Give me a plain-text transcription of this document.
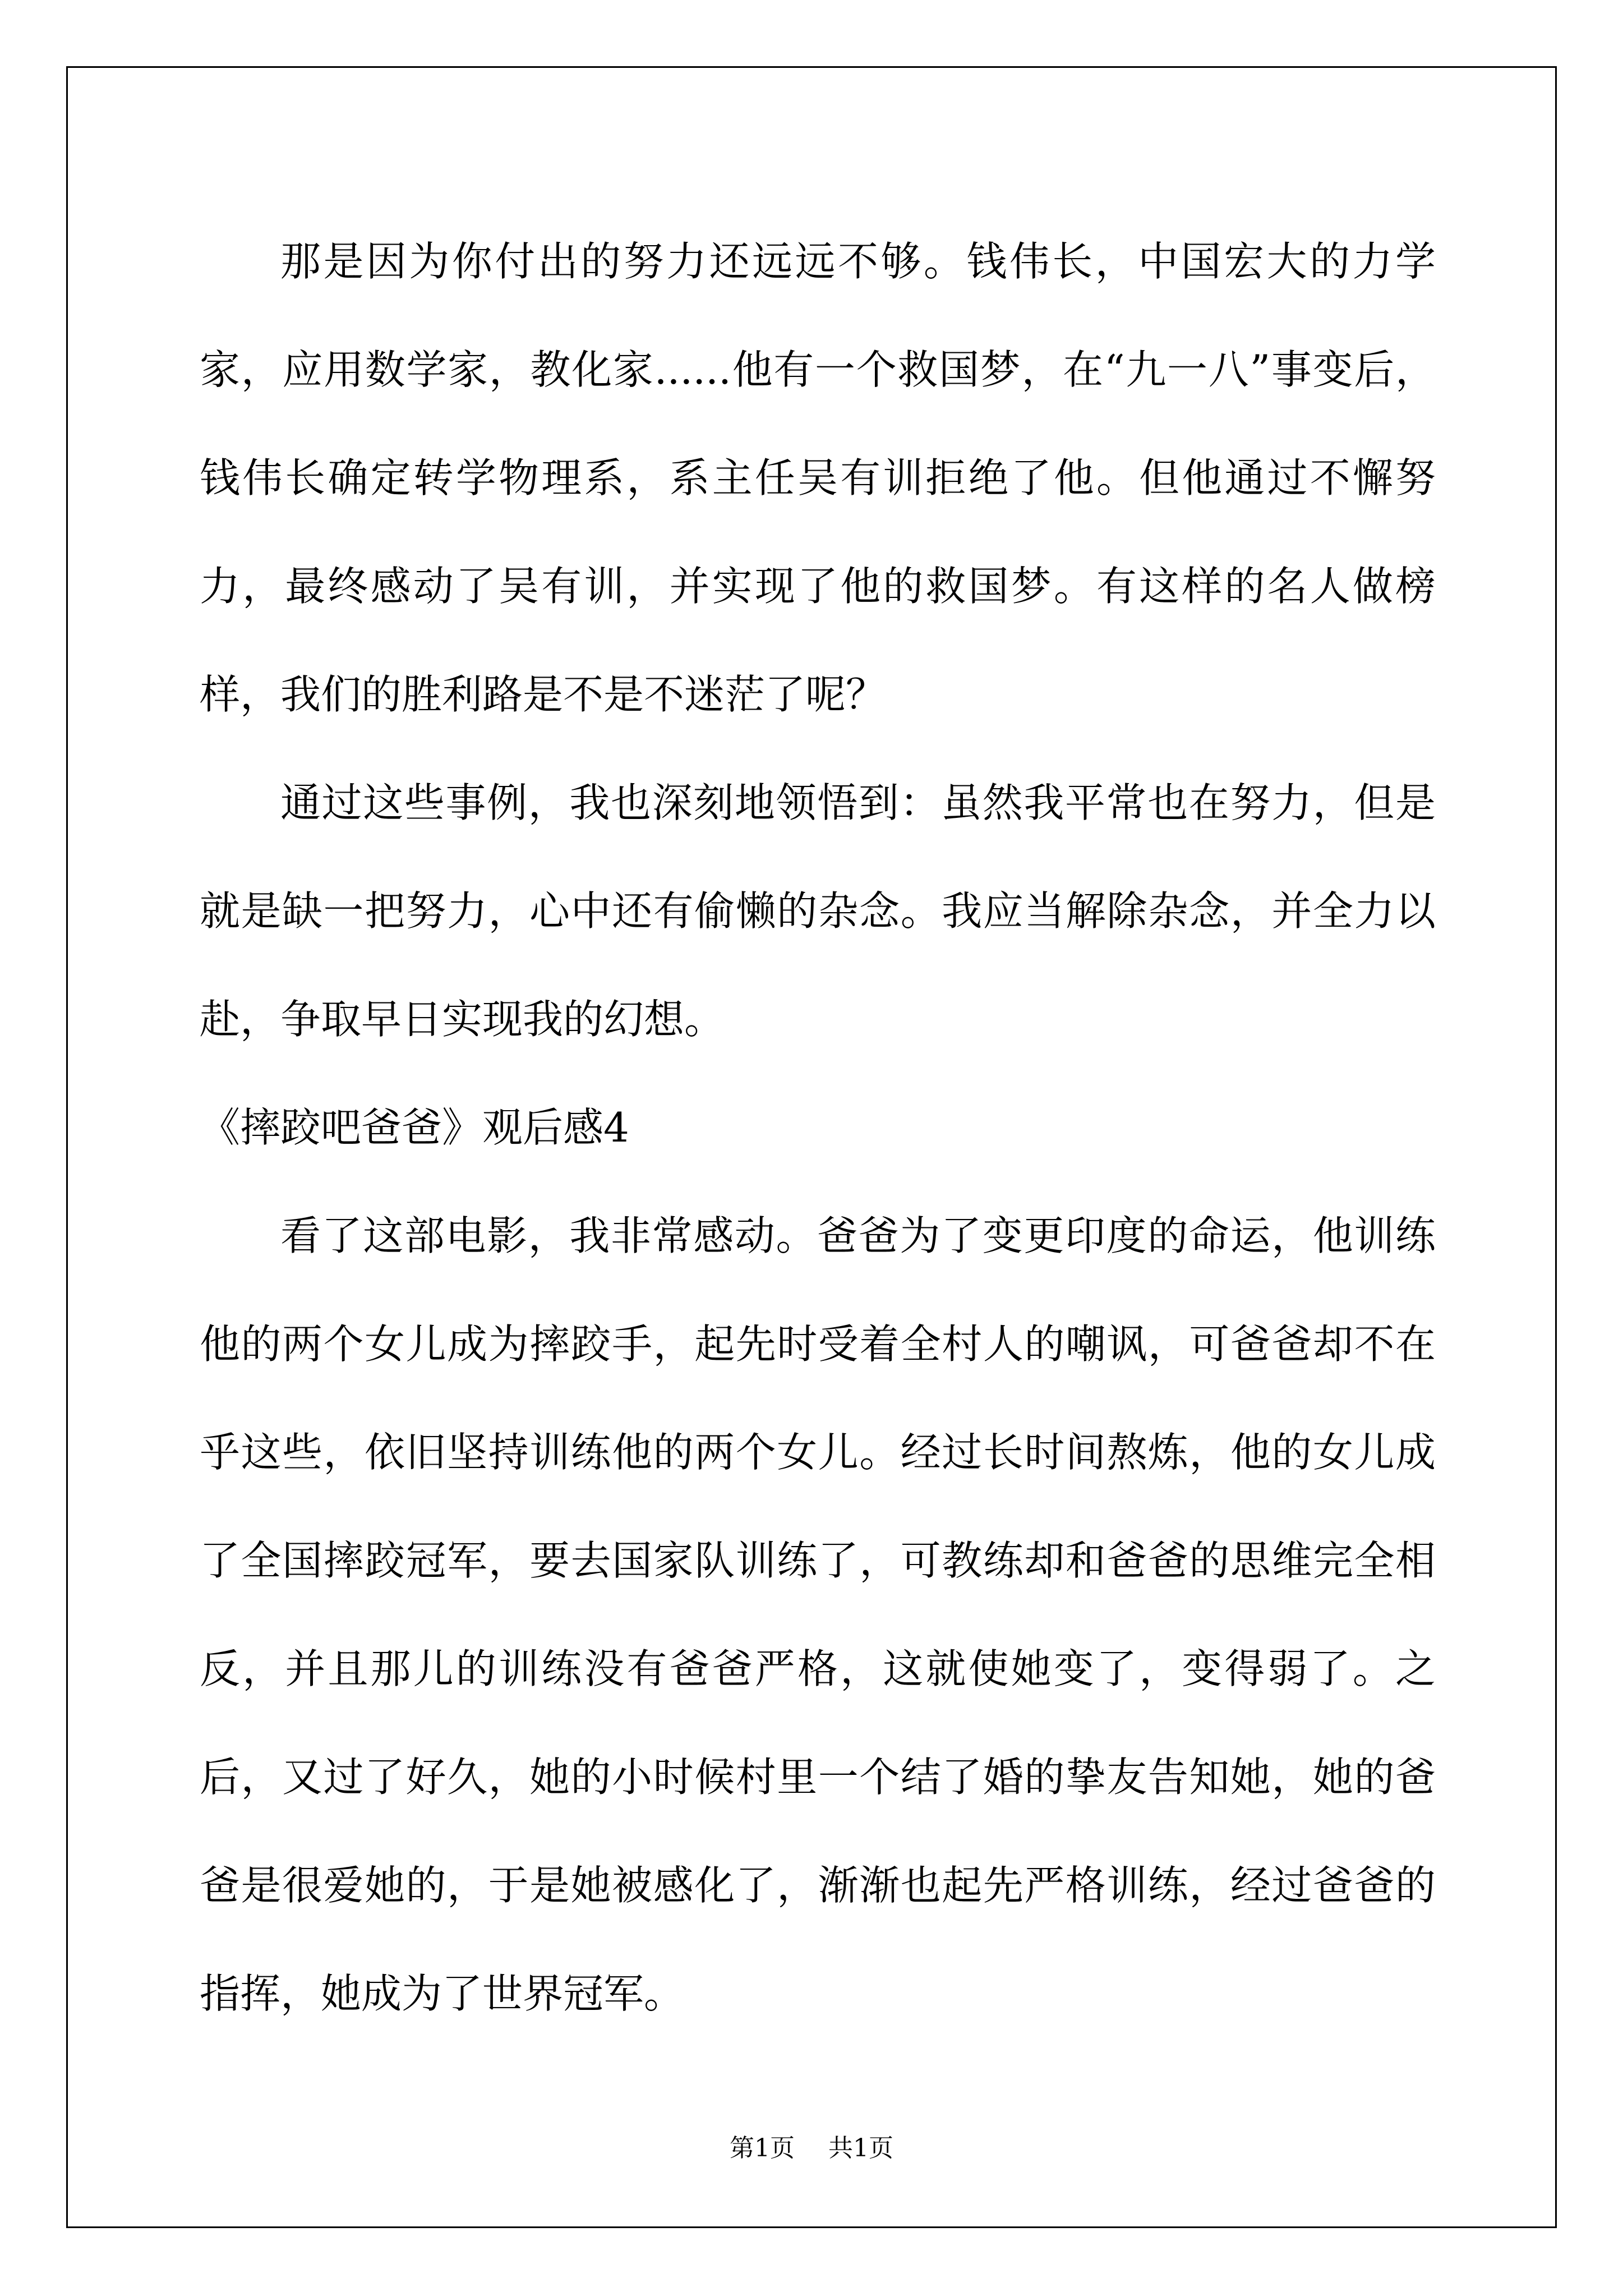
那是因为你付出的努力还远远不够。钱伟长，中国宏大的力学家，应用数学家，教化家......他有一个救国梦，在“九一八”事变后，钱伟长确定转学物理系，系主任吴有训拒绝了他。但他通过不懈努力，最终感动了吴有训，并实现了他的救国梦。有这样的名人做榜样，我们的胜利路是不是不迷茫了呢？

通过这些事例，我也深刻地领悟到：虽然我平常也在努力，但是就是缺一把努力，心中还有偷懒的杂念。我应当解除杂念，并全力以赴，争取早日实现我的幻想。

《摔跤吧爸爸》观后感4

看了这部电影，我非常感动。爸爸为了变更印度的命运，他训练他的两个女儿成为摔跤手，起先时受着全村人的嘲讽，可爸爸却不在乎这些，依旧坚持训练他的两个女儿。经过长时间熬炼，他的女儿成了全国摔跤冠军，要去国家队训练了，可教练却和爸爸的思维完全相反，并且那儿的训练没有爸爸严格，这就使她变了，变得弱了。之后，又过了好久，她的小时候村里一个结了婚的挚友告知她，她的爸爸是很爱她的，于是她被感化了，渐渐也起先严格训练，经过爸爸的指挥，她成为了世界冠军。

第1页 共1页
